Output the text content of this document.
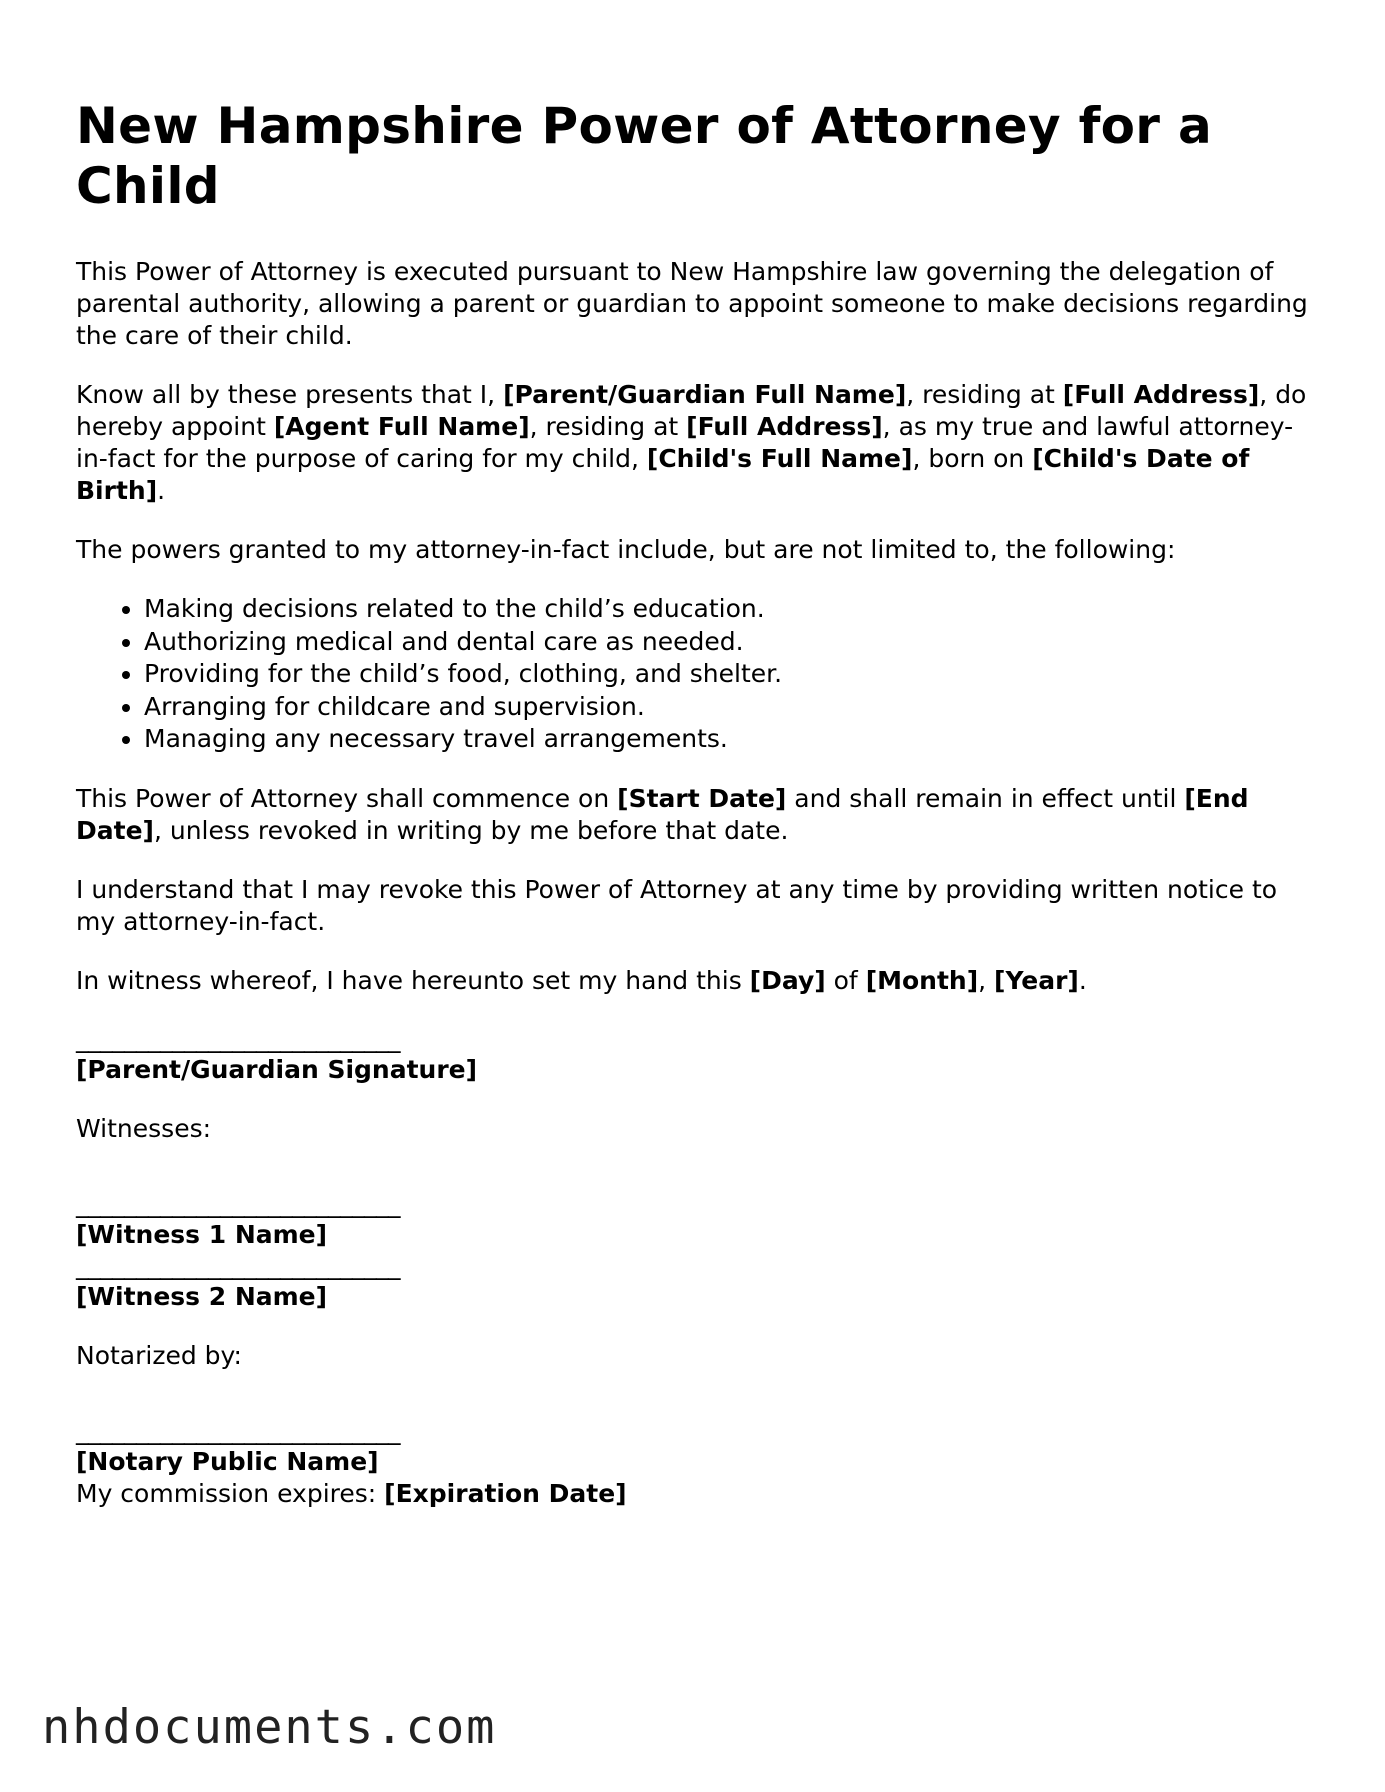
New Hampshire Power of Attorney for a Child

This Power of Attorney is executed pursuant to New Hampshire law governing the delegation of parental authority, allowing a parent or guardian to appoint someone to make decisions regarding the care of their child.

Know all by these presents that I, [Parent/Guardian Full Name], residing at [Full Address], do hereby appoint [Agent Full Name], residing at [Full Address], as my true and lawful attorney-in-fact for the purpose of caring for my child, [Child's Full Name], born on [Child's Date of Birth].

The powers granted to my attorney-in-fact include, but are not limited to, the following:

• Making decisions related to the child’s education.
• Authorizing medical and dental care as needed.
• Providing for the child’s food, clothing, and shelter.
• Arranging for childcare and supervision.
• Managing any necessary travel arrangements.

This Power of Attorney shall commence on [Start Date] and shall remain in effect until [End Date], unless revoked in writing by me before that date.

I understand that I may revoke this Power of Attorney at any time by providing written notice to my attorney-in-fact.

In witness whereof, I have hereunto set my hand this [Day] of [Month], [Year].

___________________________
[Parent/Guardian Signature]

Witnesses:

___________________________
[Witness 1 Name]
___________________________
[Witness 2 Name]

Notarized by:

___________________________
[Notary Public Name]

My commission expires: [Expiration Date]

nhdocuments.com
